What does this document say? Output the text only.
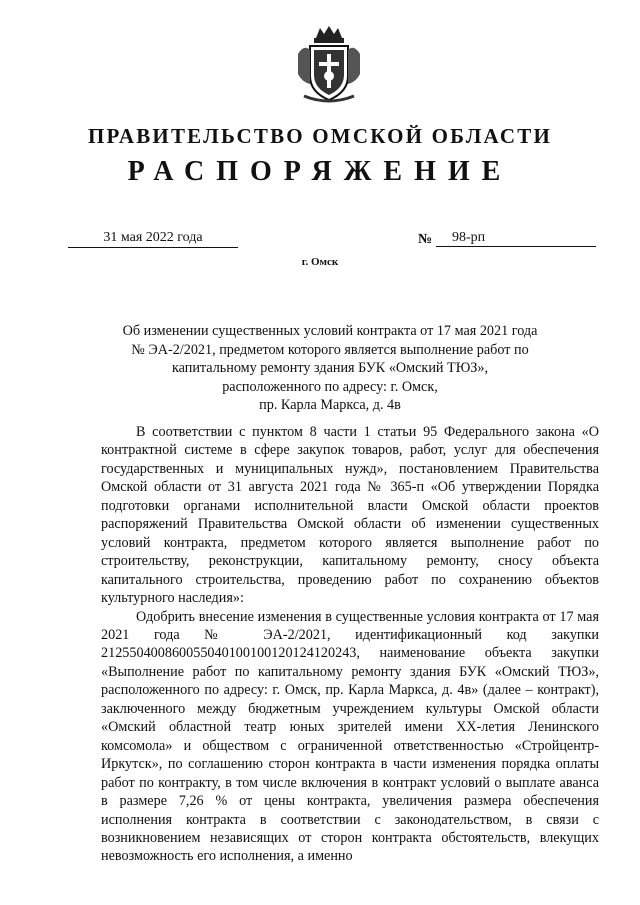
ПРАВИТЕЛЬСТВО ОМСКОЙ ОБЛАСТИ
РАСПОРЯЖЕНИЕ
31 мая 2022 года	№	98-рп
г. Омск
Об изменении существенных условий контракта от 17 мая 2021 года
№ ЭА-2/2021, предметом которого является выполнение работ по
капитальному ремонту здания БУК «Омский ТЮЗ»,
расположенного по адресу: г. Омск,
пр. Карла Маркса, д. 4в

В соответствии с пунктом 8 части 1 статьи 95 Федерального закона «О контрактной системе в сфере закупок товаров, работ, услуг для обеспечения государственных и муниципальных нужд», постановлением Правительства Омской области от 31 августа 2021 года № 365-п «Об утверждении Порядка подготовки органами исполнительной власти Омской области проектов распоряжений Правительства Омской области об изменении существенных условий контракта, предметом которого является выполнение работ по строительству, реконструкции, капитальному ремонту, сносу объекта капитального строительства, проведению работ по сохранению объектов культурного наследия»:

Одобрить внесение изменения в существенные условия контракта от 17 мая 2021 года № ЭА-2/2021, идентификационный код закупки 212550400860055040100100120124120243, наименование объекта закупки «Выполнение работ по капитальному ремонту здания БУК «Омский ТЮЗ», расположенного по адресу: г. Омск, пр. Карла Маркса, д. 4в» (далее – контракт), заключенного между бюджетным учреждением культуры Омской области «Омский областной театр юных зрителей имени XX-летия Ленинского комсомола» и обществом с ограниченной ответственностью «Стройцентр-Иркутск», по соглашению сторон контракта в части изменения порядка оплаты работ по контракту, в том числе включения в контракт условий о выплате аванса в размере 7,26 % от цены контракта, увеличения размера обеспечения исполнения контракта в соответствии с законодательством, в связи с возникновением независящих от сторон контракта обстоятельств, влекущих невозможность его исполнения, а именно
